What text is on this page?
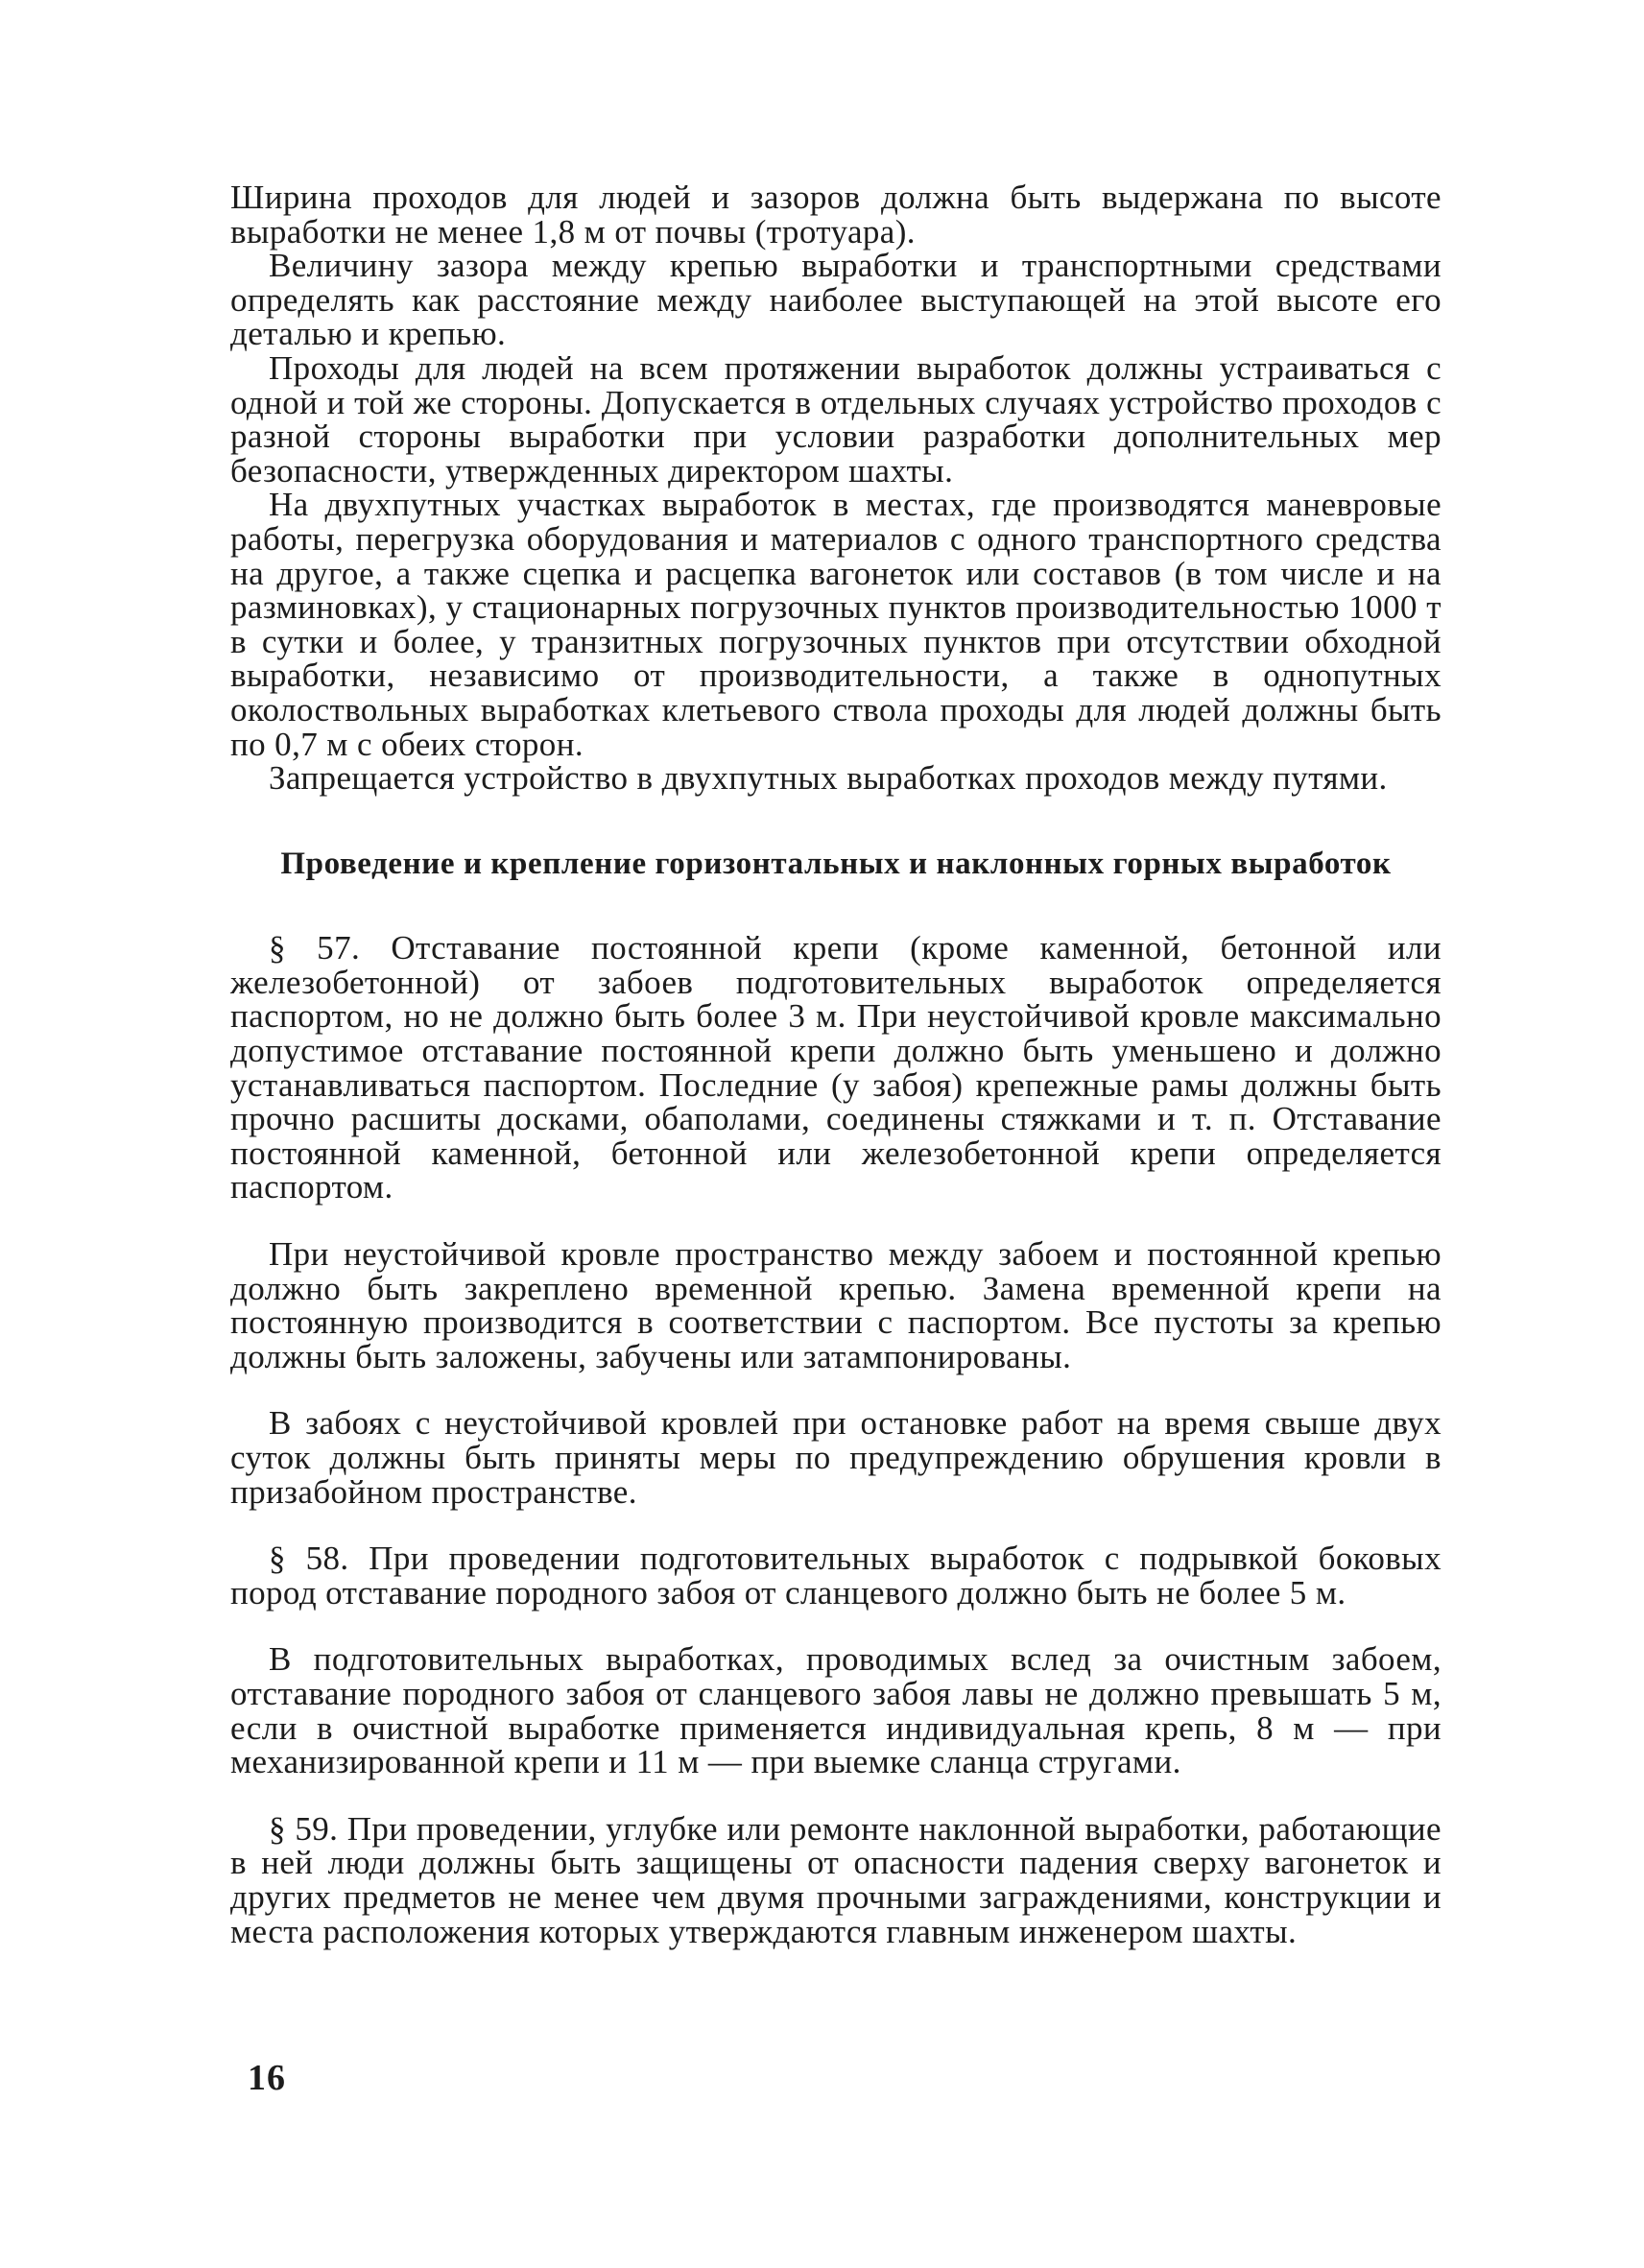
Ширина проходов для людей и зазоров должна быть выдержана по высоте выработки не менее 1,8 м от почвы (тротуара).

Величину зазора между крепью выработки и транспортными средствами определять как расстояние между наиболее выступающей на этой высоте его деталью и крепью.

Проходы для людей на всем протяжении выработок должны устраиваться с одной и той же стороны. Допускается в отдельных случаях устройство проходов с разной стороны выработки при условии разработки дополнительных мер безопасности, утвержденных директором шахты.

На двухпутных участках выработок в местах, где производятся маневровые работы, перегрузка оборудования и материалов с одного транспортного средства на другое, а также сцепка и расцепка вагонеток или составов (в том числе и на разминовках), у стационарных погрузочных пунктов производительностью 1000 т в сутки и более, у транзитных погрузочных пунктов при отсутствии обходной выработки, независимо от производительности, а также в однопутных околоствольных выработках клетьевого ствола проходы для людей должны быть по 0,7 м с обеих сторон.

Запрещается устройство в двухпутных выработках проходов между путями.

Проведение и крепление горизонтальных и наклонных горных выработок

§ 57. Отставание постоянной крепи (кроме каменной, бетонной или железобетонной) от забоев подготовительных выработок определяется паспортом, но не должно быть более 3 м. При неустойчивой кровле максимально допустимое отставание постоянной крепи должно быть уменьшено и должно устанавливаться паспортом. Последние (у забоя) крепежные рамы должны быть прочно расшиты досками, обаполами, соединены стяжками и т. п. Отставание постоянной каменной, бетонной или железобетонной крепи определяется паспортом.

При неустойчивой кровле пространство между забоем и постоянной крепью должно быть закреплено временной крепью. Замена временной крепи на постоянную производится в соответствии с паспортом. Все пустоты за крепью должны быть заложены, забучены или затампонированы.

В забоях с неустойчивой кровлей при остановке работ на время свыше двух суток должны быть приняты меры по предупреждению обрушения кровли в призабойном пространстве.

§ 58. При проведении подготовительных выработок с подрывкой боковых пород отставание породного забоя от сланцевого должно быть не более 5 м.

В подготовительных выработках, проводимых вслед за очистным забоем, отставание породного забоя от сланцевого забоя лавы не должно превышать 5 м, если в очистной выработке применяется индивидуальная крепь, 8 м — при механизированной крепи и 11 м — при выемке сланца стругами.

§ 59. При проведении, углубке или ремонте наклонной выработки, работающие в ней люди должны быть защищены от опасности падения сверху вагонеток и других предметов не менее чем двумя прочными заграждениями, конструкции и места расположения которых утверждаются главным инженером шахты.

16
